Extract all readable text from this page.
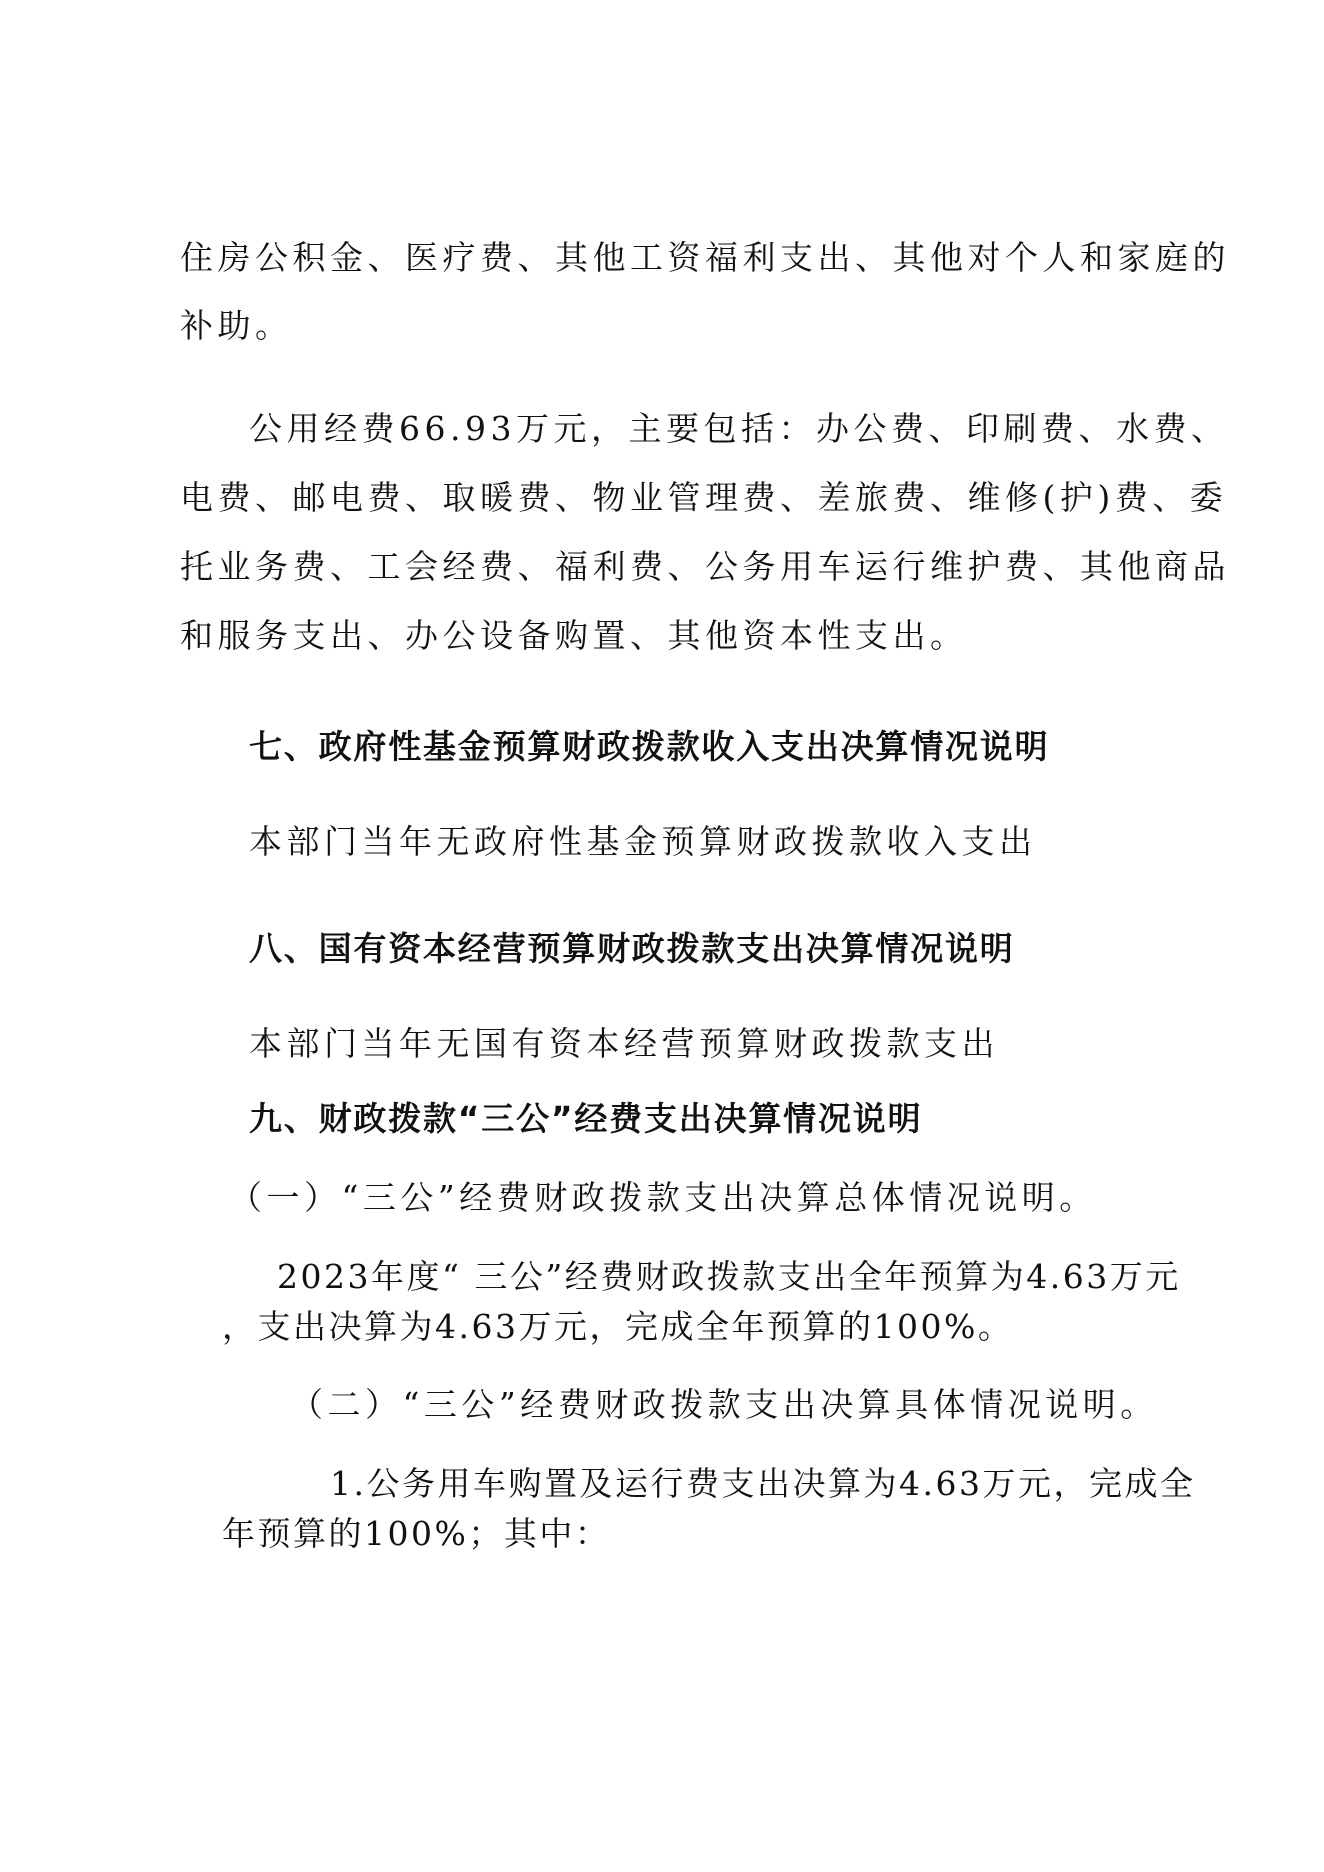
住房公积金、医疗费、其他工资福利支出、其他对个人和家庭的
补助。
公用经费66.93万元，主要包括：办公费、印刷费、水费、
电费、邮电费、取暖费、物业管理费、差旅费、维修(护)费、委
托业务费、工会经费、福利费、公务用车运行维护费、其他商品
和服务支出、办公设备购置、其他资本性支出。
七、政府性基金预算财政拨款收入支出决算情况说明
本部门当年无政府性基金预算财政拨款收入支出
八、国有资本经营预算财政拨款支出决算情况说明
本部门当年无国有资本经营预算财政拨款支出
九、财政拨款“三公”经费支出决算情况说明
（一）“三公”经费财政拨款支出决算总体情况说明。
2023年度“ 三公”经费财政拨款支出全年预算为4.63万元
，支出决算为4.63万元，完成全年预算的100%。
（二）“三公”经费财政拨款支出决算具体情况说明。
1.公务用车购置及运行费支出决算为4.63万元，完成全
年预算的100%；其中：
